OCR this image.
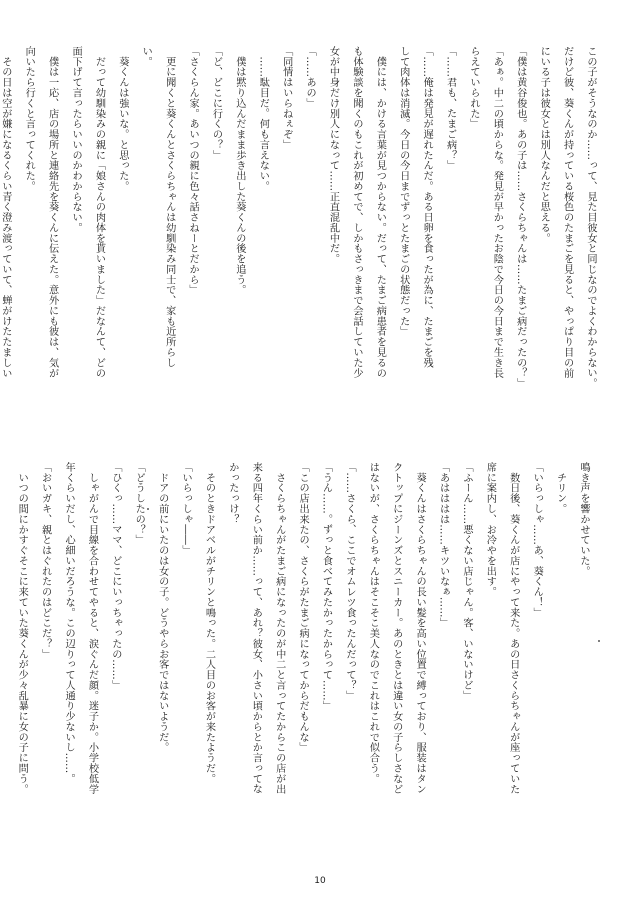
この子がそうなのか……って、見た目彼女と同じなのでよくわからない。

だけど彼、葵くんが持っている桜色のたまごを見ると、やっぱり目の前

にいる子は彼女とは別人なんだと思える。

「僕は黄谷俊也。あの子は……さくらちゃんは……たまご病だったの？」

「あぁ。中二の頃からな。発見が早かったお陰で今日の今日まで生き長

らえていられた」

「……君も、たまご病？」

「……俺は発見が遅れたんだ。ある日卵を食ったが為に、たまごを残

して肉体は消滅。今日の今日までずっとたまごの状態だった」

　僕には、かける言葉が見つからない。だって、たまご病患者を見るの

も体験談を聞くのもこれが初めてで、しかもさっきまで会話していた少

女が中身だけ別人になって……正直混乱中だ。

「……あの」

「同情はいらねぇぞ」

　……駄目だ。何も言えない。

　僕は黙り込んだまま歩き出した葵くんの後を追う。

「ど、どこに行くの？」

「さくらん家。あいつの親に色々話さねーとだから」

　更に聞くと葵くんとさくらちゃんは幼馴染み同士で、家も近所らし

い。

　葵くんは強いな。と思った。

　だって幼馴染みの親に「娘さんの肉体を貰いました」だなんて、どの

面下げて言ったらいいのかわからない。

　僕は一応、店の場所と連絡先を葵くんに伝えた。意外にも彼は、気が

向いたら行くと言ってくれた。

　その日は空が嫌になるくらい青く澄み渡っていて、蝉がけたたましい

鳴き声を響かせていた。

　チリン。

「いらっしゃ……あ、葵くん！」

　数日後、葵くんが店にやって来た。あの日さくらちゃんが座っていた

席に案内し、お冷やを出す。

「ふーん……悪くない店じゃん。客、いないけど」

「あはははは……キツいなぁ……」

　葵くんはさくらちゃんの長い髪を高い位置で縛っており、服装はタン

クトップにジーンズとスニーカー。あのときとは違い女の子らしさなど

はないが、さくらちゃんはそこそこ美人なのでこれはこれで似合う。

「……さくら、ここでオムレツ食ったんだって？」

「うん……。ずっと食べてみたかったからって……」

「この店出来たの、さくらがたまご病になってからだもんな」

　さくらちゃんがたまご病になったのが中二と言ってたからこの店が出

来る四年くらい前か……って、あれ？彼女、小さい頃からとか言ってな

かったっけ？

　そのときドアベルがチリンと鳴った。二人目のお客が来たようだ。

「いらっしゃ――」

　ドアの前にいたのは女の子。どうやらお客ではないようだ。

「どうしたの？」

「ひくっ……ママ、どこにいっちゃったの……」

　しゃがんで目線を合わせてやると、涙ぐんだ顔。迷子か。小学校低学

年くらいだし、心細いだろうな。この辺りって人通り少ないし……。

「おいガキ、親とはぐれたのはどこだ？」

　いつの間にかすぐそこに来ていた葵くんが少々乱暴に女の子に問う。

10
